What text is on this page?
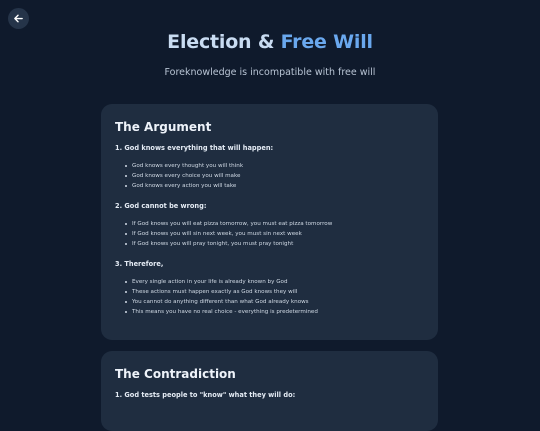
Election & Free Will
Foreknowledge is incompatible with free will
The Argument
1. God knows everything that will happen:
God knows every thought you will think
God knows every choice you will make
God knows every action you will take
2. God cannot be wrong:
If God knows you will eat pizza tomorrow, you must eat pizza tomorrow
If God knows you will sin next week, you must sin next week
If God knows you will pray tonight, you must pray tonight
3. Therefore,
Every single action in your life is already known by God
These actions must happen exactly as God knows they will
You cannot do anything different than what God already knows
This means you have no real choice - everything is predetermined
The Contradiction
1. God tests people to "know" what they will do:
